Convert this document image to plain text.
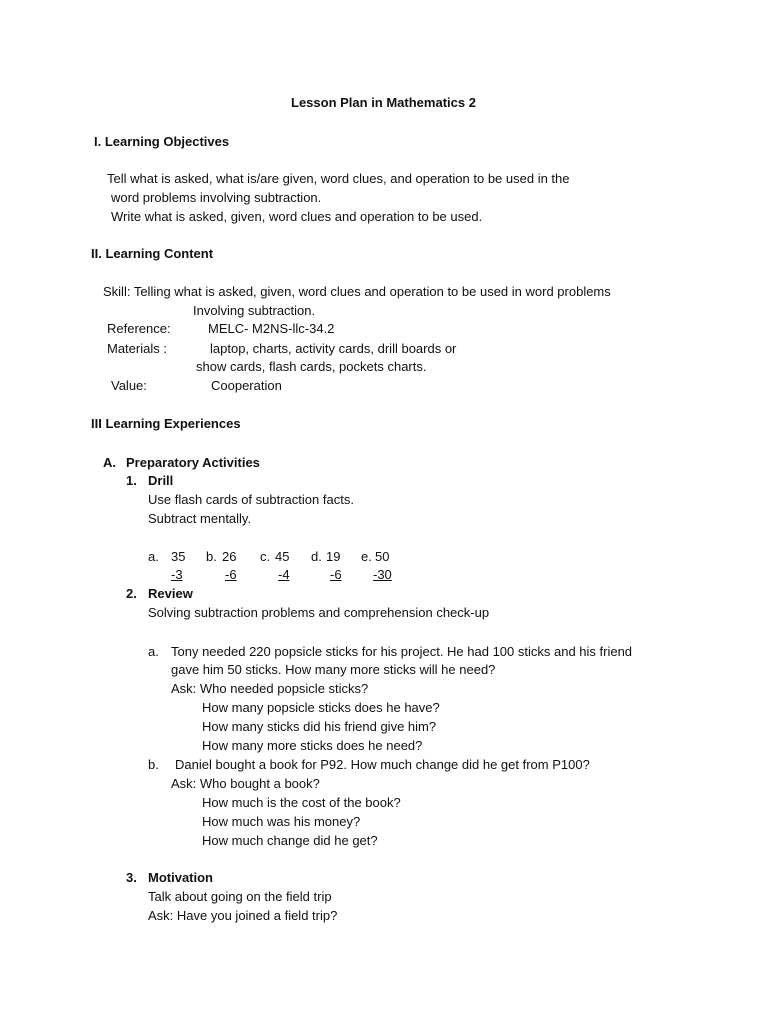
Lesson Plan in Mathematics 2
I. Learning Objectives
Tell what is asked, what is/are given, word clues, and operation to be used in the
word problems involving subtraction.
Write what is asked, given, word clues and operation to be used.
II. Learning Content
Skill: Telling what is asked, given, word clues and operation to be used in word problems
Involving subtraction.
Reference:	MELC- M2NS-llc-34.2
Materials :	laptop, charts, activity cards, drill boards or
show cards, flash cards, pockets charts.
Value:	Cooperation
III Learning Experiences
A. Preparatory Activities
1. Drill
Use flash cards of subtraction facts.
Subtract mentally.
a. 35
-3
b. 26
-6
c. 45
-4
d. 19
-6
e. 50
-30
2. Review
Solving subtraction problems and comprehension check-up
a. Tony needed 220 popsicle sticks for his project. He had 100 sticks and his friend
gave him 50 sticks. How many more sticks will he need?
Ask: Who needed popsicle sticks?
How many popsicle sticks does he have?
How many sticks did his friend give him?
How many more sticks does he need?
b. Daniel bought a book for P92. How much change did he get from P100?
Ask: Who bought a book?
How much is the cost of the book?
How much was his money?
How much change did he get?
3. Motivation
Talk about going on the field trip
Ask: Have you joined a field trip?
